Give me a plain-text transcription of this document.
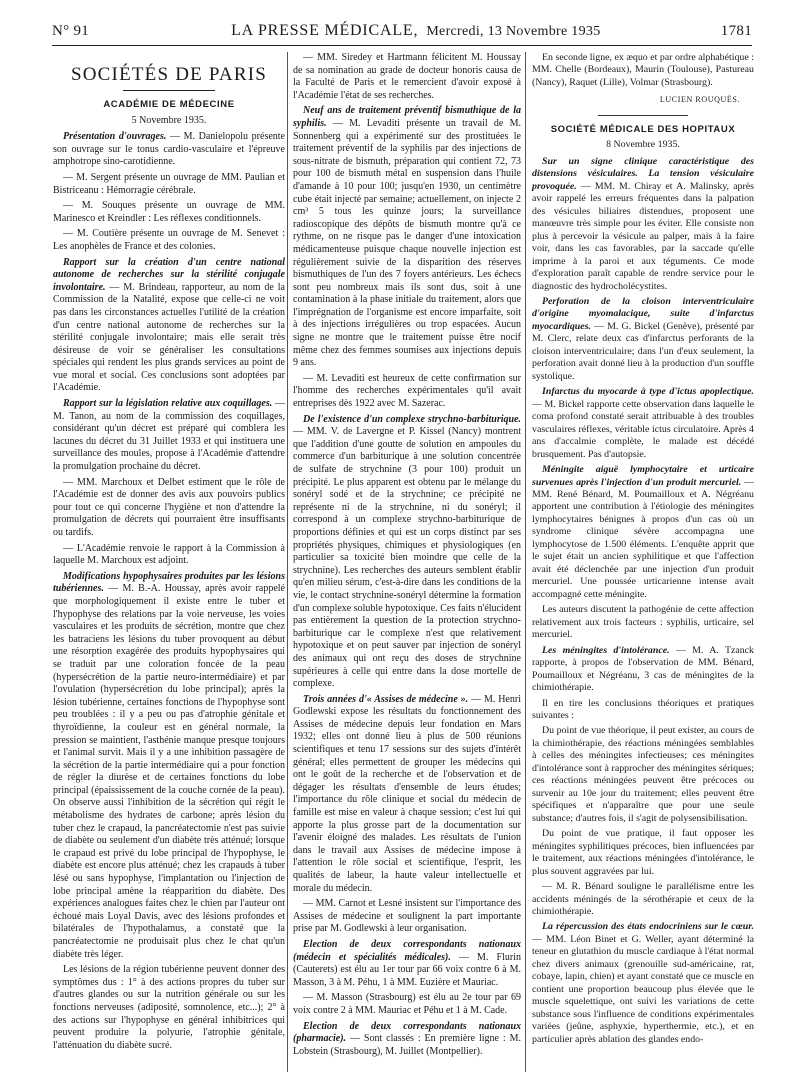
N° 91	LA PRESSE MÉDICALE, Mercredi, 13 Novembre 1935	1781
SOCIÉTÉS DE PARIS
ACADÉMIE DE MÉDECINE
5 Novembre 1935.

Présentation d'ouvrages. — M. Danielopolu présente son ouvrage sur le tonus cardio-vasculaire et l'épreuve amphotrope sino-carotidienne.

— M. Sergent présente un ouvrage de MM. Paulian et Bistriceanu : Hémorragie cérébrale.

— M. Souques présente un ouvrage de MM. Marinesco et Kreindler : Les réflexes conditionnels.

— M. Coutière présente un ouvrage de M. Senevet : Les anophèles de France et des colonies.

Rapport sur la création d'un centre national autonome de recherches sur la stérilité conjugale involontaire. — M. Brindeau, rapporteur, au nom de la Commission de la Natalité, expose que celle-ci ne voit pas dans les circonstances actuelles l'utilité de la création d'un centre national autonome de recherches sur la stérilité conjugale involontaire; mais elle serait très désireuse de voir se généraliser les consultations spéciales qui rendent les plus grands services au point de vue moral et social. Ces conclusions sont adoptées par l'Académie.

Rapport sur la législation relative aux coquillages. — M. Tanon, au nom de la commission des coquillages, considérant qu'un décret est préparé qui comblera les lacunes du décret du 31 Juillet 1933 et qui instituera une surveillance des moules, propose à l'Académie d'attendre la promulgation prochaine du décret.

— MM. Marchoux et Delbet estiment que le rôle de l'Académie est de donner des avis aux pouvoirs publics pour tout ce qui concerne l'hygiène et non d'attendre la promulgation de décrets qui pourraient être insuffisants ou tardifs.

— L'Académie renvoie le rapport à la Commission à laquelle M. Marchoux est adjoint.

Modifications hypophysaires produites par les lésions tubériennes. — M. B.-A. Houssay, après avoir rappelé que morphologiquement il existe entre le tuber et l'hypophyse des relations par la voie nerveuse, les voies vasculaires et les produits de sécrétion, montre que chez les batraciens les lésions du tuber provoquent au début une résorption exagérée des produits hypophysaires qui se traduit par une coloration foncée de la peau (hypersécrétion de la partie neuro-intermédiaire) et par l'ovulation (hypersécrétion du lobe principal); après la lésion tubérienne, certaines fonctions de l'hypophyse sont peu troublées : il y a peu ou pas d'atrophie génitale et thyroïdienne, la couleur est en général normale, la pression se maintient, l'asthénie manque presque toujours et l'animal survit. Mais il y a une inhibition passagère de la sécrétion de la partie intermédiaire qui a pour fonction de régler la diurèse et de certaines fonctions du lobe principal (épaississement de la couche cornée de la peau). On observe aussi l'inhibition de la sécrétion qui régit le métabolisme des hydrates de carbone; après lésion du tuber chez le crapaud, la pancréatectomie n'est pas suivie de diabète ou seulement d'un diabète très atténué; lorsque le crapaud est privé du lobe principal de l'hypophyse, le diabète est encore plus atténué; chez les crapauds à tuber lésé ou sans hypophyse, l'implantation ou l'injection de lobe principal amène la réapparition du diabète. Des expériences analogues faites chez le chien par l'auteur ont échoué mais Loyal Davis, avec des lésions profondes et bilatérales de l'hypothalamus, a constaté que la pancréatectomie ne produisait plus chez le chat qu'un diabète très léger.

Les lésions de la région tubérienne peuvent donner des symptômes dus : 1° à des actions propres du tuber sur d'autres glandes ou sur la nutrition générale ou sur les fonctions nerveuses (adiposité, somnolence, etc...); 2° à des actions sur l'hypophyse en général inhibitrices qui peuvent produire la polyurie, l'atrophie génitale, l'atténuation du diabète sucré.

— MM. Siredey et Hartmann félicitent M. Houssay de sa nomination au grade de docteur honoris causa de la Faculté de Paris et le remercient d'avoir exposé à l'Académie l'état de ses recherches.

Neuf ans de traitement préventif bismuthique de la syphilis. — M. Levaditi présente un travail de M. Sonnenberg qui a expérimenté sur des prostituées le traitement préventif de la syphilis par des injections de sous-nitrate de bismuth, préparation qui contient 72, 73 pour 100 de bismuth métal en suspension dans l'huile d'amande à 10 pour 100; jusqu'en 1930, un centimètre cube était injecté par semaine; actuellement, on injecte 2 cm³ 5 tous les quinze jours; la surveillance radioscopique des dépôts de bismuth montre qu'à ce rythme, on ne risque pas le danger d'une intoxication médicamenteuse puisque chaque nouvelle injection est régulièrement suivie de la disparition des réserves bismuthiques de l'un des 7 foyers antérieurs. Les échecs sont peu nombreux mais ils sont dus, soit à une contamination à la phase initiale du traitement, alors que l'imprégnation de l'organisme est encore imparfaite, soit à des injections irrégulières ou trop espacées. Aucun signe ne montre que le traitement puisse être nocif même chez des femmes soumises aux injections depuis 9 ans.

— M. Levaditi est heureux de cette confirmation sur l'homme des recherches expérimentales qu'il avait entreprises dès 1922 avec M. Sazerac.

De l'existence d'un complexe strychno-barbiturique. — MM. V. de Lavergne et P. Kissel (Nancy) montrent que l'addition d'une goutte de solution en ampoules du commerce d'un barbiturique à une solution concentrée de sulfate de strychnine (3 pour 100) produit un précipité. Le plus apparent est obtenu par le mélange du sonéryl sodé et de la strychnine; ce précipité ne représente ni de la strychnine, ni du sonéryl; il correspond à un complexe strychno-barbiturique de proportions définies et qui est un corps distinct par ses propriétés physiques, chimiques et physiologiques (en particulier sa toxicité bien moindre que celle de la strychnine). Les recherches des auteurs semblent établir qu'en milieu sérum, c'est-à-dire dans les conditions de la vie, le contact strychnine-sonéryl détermine la formation d'un complexe soluble hypotoxique. Ces faits n'élucident pas entièrement la question de la protection strychno-barbiturique car le complexe n'est que relativement hypotoxique et on peut sauver par injection de sonéryl des animaux qui ont reçu des doses de strychnine supérieures à celle qui entre dans la dose mortelle de complexe.

Trois années d'« Assises de médecine ». — M. Henri Godlewski expose les résultats du fonctionnement des Assises de médecine depuis leur fondation en Mars 1932; elles ont donné lieu à plus de 500 réunions scientifiques et tenu 17 sessions sur des sujets d'intérêt général; elles permettent de grouper les médecins qui ont le goût de la recherche et de l'observation et de dégager les résultats d'ensemble de leurs études; l'importance du rôle clinique et social du médecin de famille est mise en valeur à chaque session; c'est lui qui apporte la plus grosse part de la documentation sur l'avenir éloigné des malades. Les résultats de l'union dans le travail aux Assises de médecine impose à l'attention le rôle social et scientifique, l'esprit, les qualités de labeur, la haute valeur intellectuelle et morale du médecin.

— MM. Carnot et Lesné insistent sur l'importance des Assises de médecine et soulignent la part importante prise par M. Godlewski à leur organisation.

Election de deux correspondants nationaux (médecin et spécialités médicales). — M. Flurin (Cauterets) est élu au 1er tour par 66 voix contre 6 à M. Masson, 3 à M. Péhu, 1 à MM. Euzière et Mauriac.

— M. Masson (Strasbourg) est élu au 2e tour par 69 voix contre 2 à MM. Mauriac et Péhu et 1 à M. Cade.

Election de deux correspondants nationaux (pharmacie). — Sont classés : En première ligne : M. Lobstein (Strasbourg), M. Juillet (Montpellier).

En seconde ligne, ex æquo et par ordre alphabétique : MM. Chelle (Bordeaux), Maurin (Toulouse), Pastureau (Nancy), Raquet (Lille), Volmar (Strasbourg).

LUCIEN ROUQUÈS.
SOCIÉTÉ MÉDICALE DES HOPITAUX
8 Novembre 1935.

Sur un signe clinique caractéristique des distensions vésiculaires. La tension vésiculaire provoquée. — MM. M. Chiray et A. Malinsky, après avoir rappelé les erreurs fréquentes dans la palpation des vésicules biliaires distendues, proposent une manœuvre très simple pour les éviter. Elle consiste non plus à percevoir la vésicule au palper, mais à la faire voir, dans les cas favorables, par la saccade qu'elle imprime à la paroi et aux téguments. Ce mode d'exploration paraît capable de rendre service pour le diagnostic des hydrocholécystites.

Perforation de la cloison interventriculaire d'origine myomalacique, suite d'infarctus myocardiques. — M. G. Bickel (Genève), présenté par M. Clerc, relate deux cas d'infarctus perforants de la cloison interventriculaire; dans l'un d'eux seulement, la perforation avait donné lieu à la production d'un souffle systolique.

Infarctus du myocarde à type d'ictus apoplectique. — M. Bickel rapporte cette observation dans laquelle le coma profond constaté serait attribuable à des troubles vasculaires réflexes, véritable ictus circulatoire. Après 4 ans d'accalmie complète, le malade est décédé brusquement. Pas d'autopsie.

Méningite aiguë lymphocytaire et urticaire survenues après l'injection d'un produit mercuriel. — MM. René Bénard, M. Poumailloux et A. Négréanu apportent une contribution à l'étiologie des méningites lymphocytaires bénignes à propos d'un cas où un syndrome clinique sévère accompagna une lymphocytose de 1.500 éléments. L'enquête apprit que le sujet était un ancien syphilitique et que l'affection avait été déclenchée par une injection d'un produit mercuriel. Une poussée urticarienne intense avait accompagné cette méningite.

Les auteurs discutent la pathogénie de cette affection relativement aux trois facteurs : syphilis, urticaire, sel mercuriel.

Les méningites d'intolérance. — M. A. Tzanck rapporte, à propos de l'observation de MM. Bénard, Poumailloux et Négréanu, 3 cas de méningites de la chimiothérapie.

Il en tire les conclusions théoriques et pratiques suivantes :

Du point de vue théorique, il peut exister, au cours de la chimiothérapie, des réactions méningées semblables à celles des méningites infectieuses; ces méningites d'intolérance sont à rapprocher des méningites sériques; ces réactions méningées peuvent être précoces ou survenir au 10e jour du traitement; elles peuvent être spécifiques et n'apparaître que pour une seule substance; d'autres fois, il s'agit de polysensibilisation.

Du point de vue pratique, il faut opposer les méningites syphilitiques précoces, bien influencées par le traitement, aux réactions méningées d'intolérance, le plus souvent aggravées par lui.

— M. R. Bénard souligne le parallélisme entre les accidents méningés de la sérothérapie et ceux de la chimiothérapie.

La répercussion des états endocriniens sur le cœur. — MM. Léon Binet et G. Weller, ayant déterminé la teneur en glutathion du muscle cardiaque à l'état normal chez divers animaux (grenouille sud-américaine, rat, cobaye, lapin, chien) et ayant constaté que ce muscle en contient une proportion beaucoup plus élevée que le muscle squelettique, ont suivi les variations de cette substance sous l'influence de conditions expérimentales variées (jeûne, asphyxie, hyperthermie, etc.), et en particulier après ablation des glandes endo-
